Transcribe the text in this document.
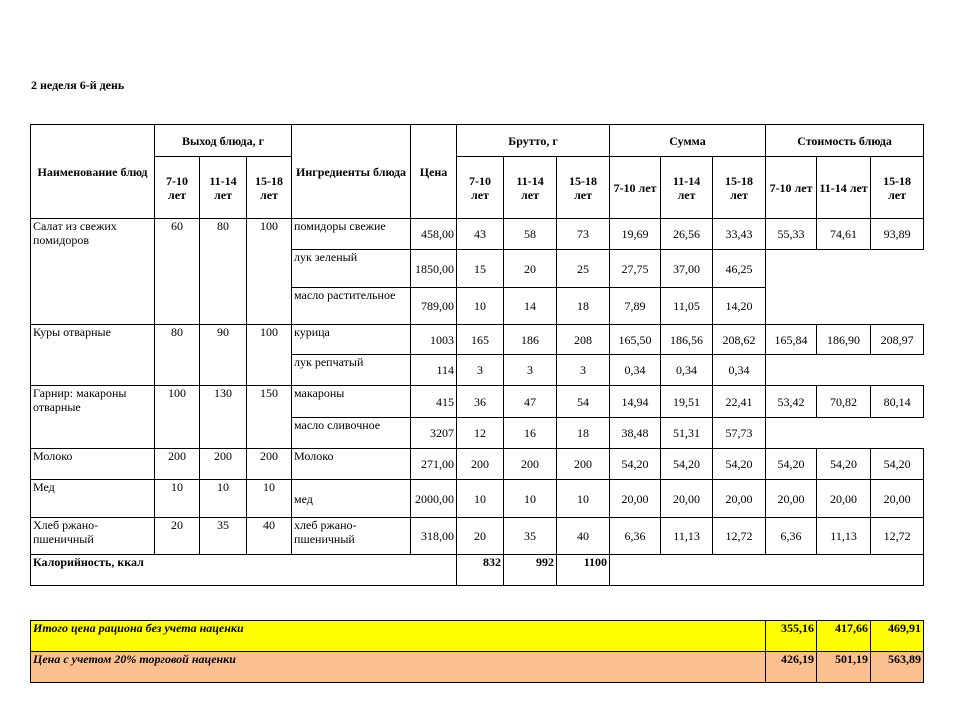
2 неделя 6-й день
Наименование блюд	Выход блюда, г			Ингредиенты блюда	Цена	Брутто, г			Сумма			Стоимость блюда		
	7-10 лет	11-14 лет	15-18 лет			7-10 лет	11-14 лет	15-18 лет	7-10 лет	11-14 лет	15-18 лет	7-10 лет	11-14 лет	15-18 лет
Салат из свежих помидоров	60	80	100	помидоры свежие	458,00	43	58	73	19,69	26,56	33,43	55,33	74,61	93,89
				лук зеленый	1850,00	15	20	25	27,75	37,00	46,25			
				масло растительное	789,00	10	14	18	7,89	11,05	14,20			
Куры отварные	80	90	100	курица	1003	165	186	208	165,50	186,56	208,62	165,84	186,90	208,97
				лук репчатый	114	3	3	3	0,34	0,34	0,34			
Гарнир: макароны отварные	100	130	150	макароны	415	36	47	54	14,94	19,51	22,41	53,42	70,82	80,14
				масло сливочное	3207	12	16	18	38,48	51,31	57,73			
Молоко	200	200	200	Молоко	271,00	200	200	200	54,20	54,20	54,20	54,20	54,20	54,20
Мед	10	10	10	мед	2000,00	10	10	10	20,00	20,00	20,00	20,00	20,00	20,00
Хлеб ржано-пшеничный	20	35	40	хлеб ржано-пшеничный	318,00	20	35	40	6,36	11,13	12,72	6,36	11,13	12,72
Калорийность, ккал						832	992	1100						
Итого цена рациона без учета наценки	355,16	417,66	469,91
Цена с учетом 20% торговой наценки	426,19	501,19	563,89
